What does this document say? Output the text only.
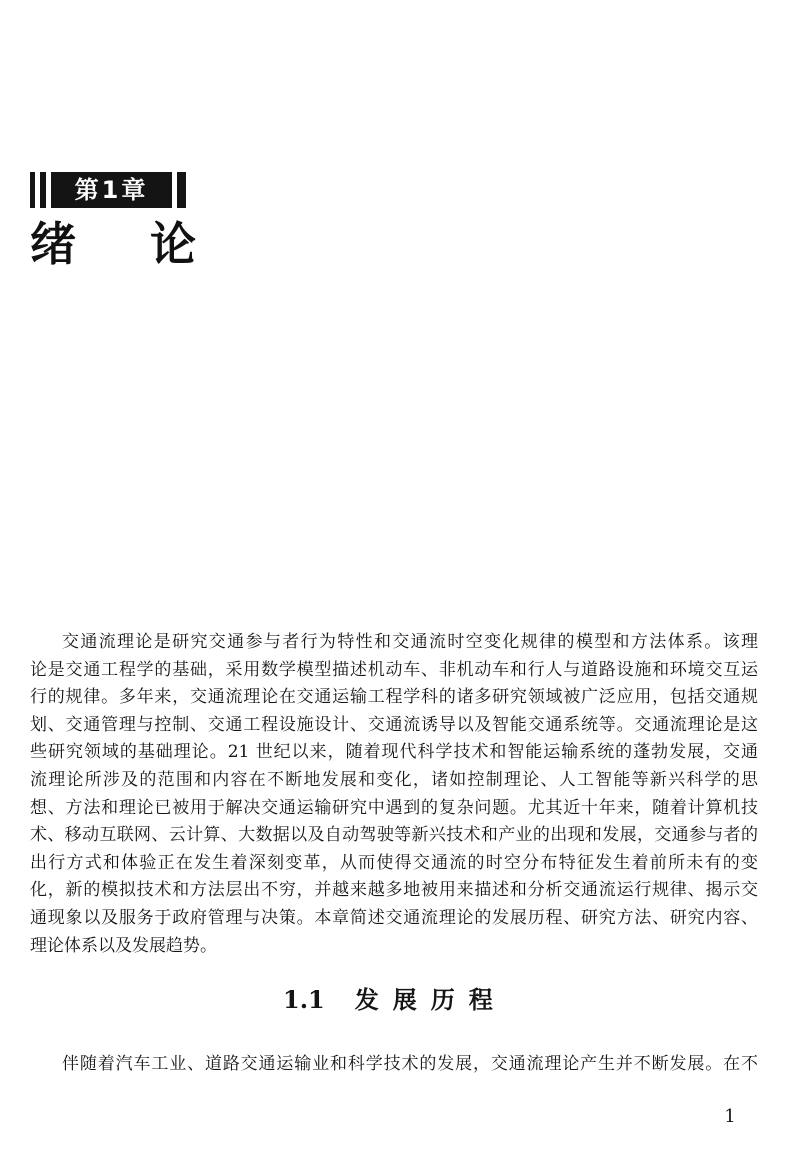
第1章
绪论
交通流理论是研究交通参与者行为特性和交通流时空变化规律的模型和方法体系。该理
论是交通工程学的基础，采用数学模型描述机动车、非机动车和行人与道路设施和环境交互运
行的规律。多年来，交通流理论在交通运输工程学科的诸多研究领域被广泛应用，包括交通规
划、交通管理与控制、交通工程设施设计、交通流诱导以及智能交通系统等。交通流理论是这
些研究领域的基础理论。21 世纪以来，随着现代科学技术和智能运输系统的蓬勃发展，交通
流理论所涉及的范围和内容在不断地发展和变化，诸如控制理论、人工智能等新兴科学的思
想、方法和理论已被用于解决交通运输研究中遇到的复杂问题。尤其近十年来，随着计算机技
术、移动互联网、云计算、大数据以及自动驾驶等新兴技术和产业的出现和发展，交通参与者的
出行方式和体验正在发生着深刻变革，从而使得交通流的时空分布特征发生着前所未有的变
化，新的模拟技术和方法层出不穷，并越来越多地被用来描述和分析交通流运行规律、揭示交
通现象以及服务于政府管理与决策。本章简述交通流理论的发展历程、研究方法、研究内容、
理论体系以及发展趋势。
1.1 发展历程
伴随着汽车工业、道路交通运输业和科学技术的发展，交通流理论产生并不断发展。在不
1
